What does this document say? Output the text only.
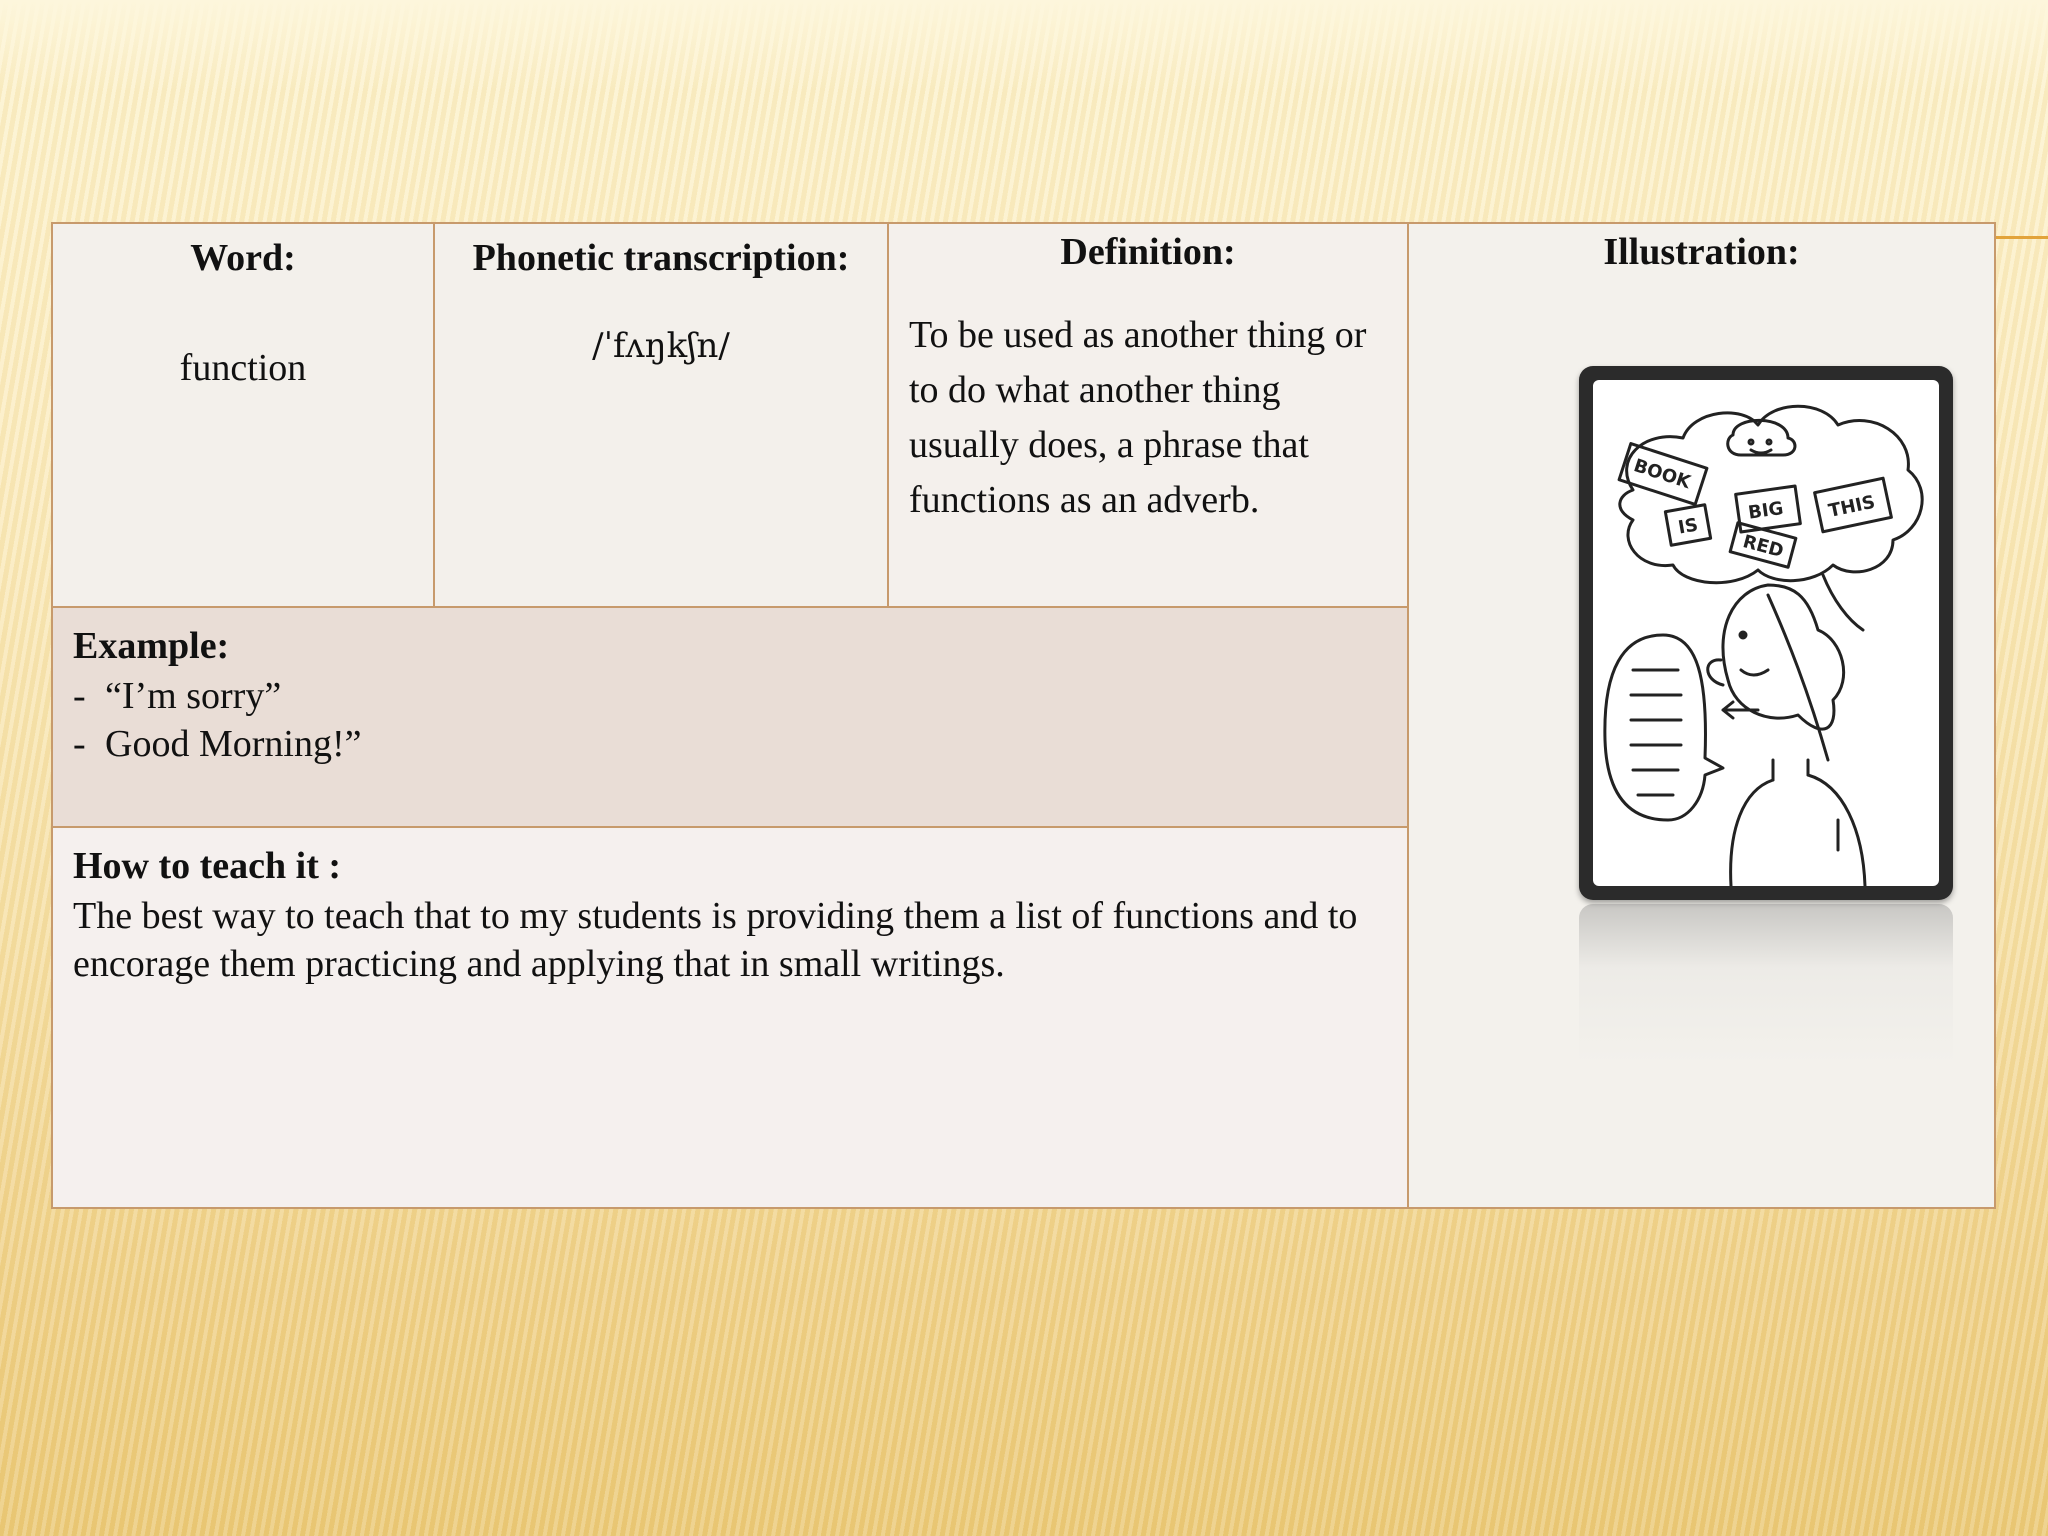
Word:
function
Phonetic transcription:
/ˈfʌŋkʃn/
Definition:
To be used as another thing or to do what another thing usually does, a phrase that functions as an adverb.
Illustration:
BOOK
IS
BIG
RED
THIS
Example:
- “I’m sorry”
- Good Morning!”
How to teach it :
The best way to teach that to my students is providing them a list of functions and to encorage them practicing and applying that in small writings.
